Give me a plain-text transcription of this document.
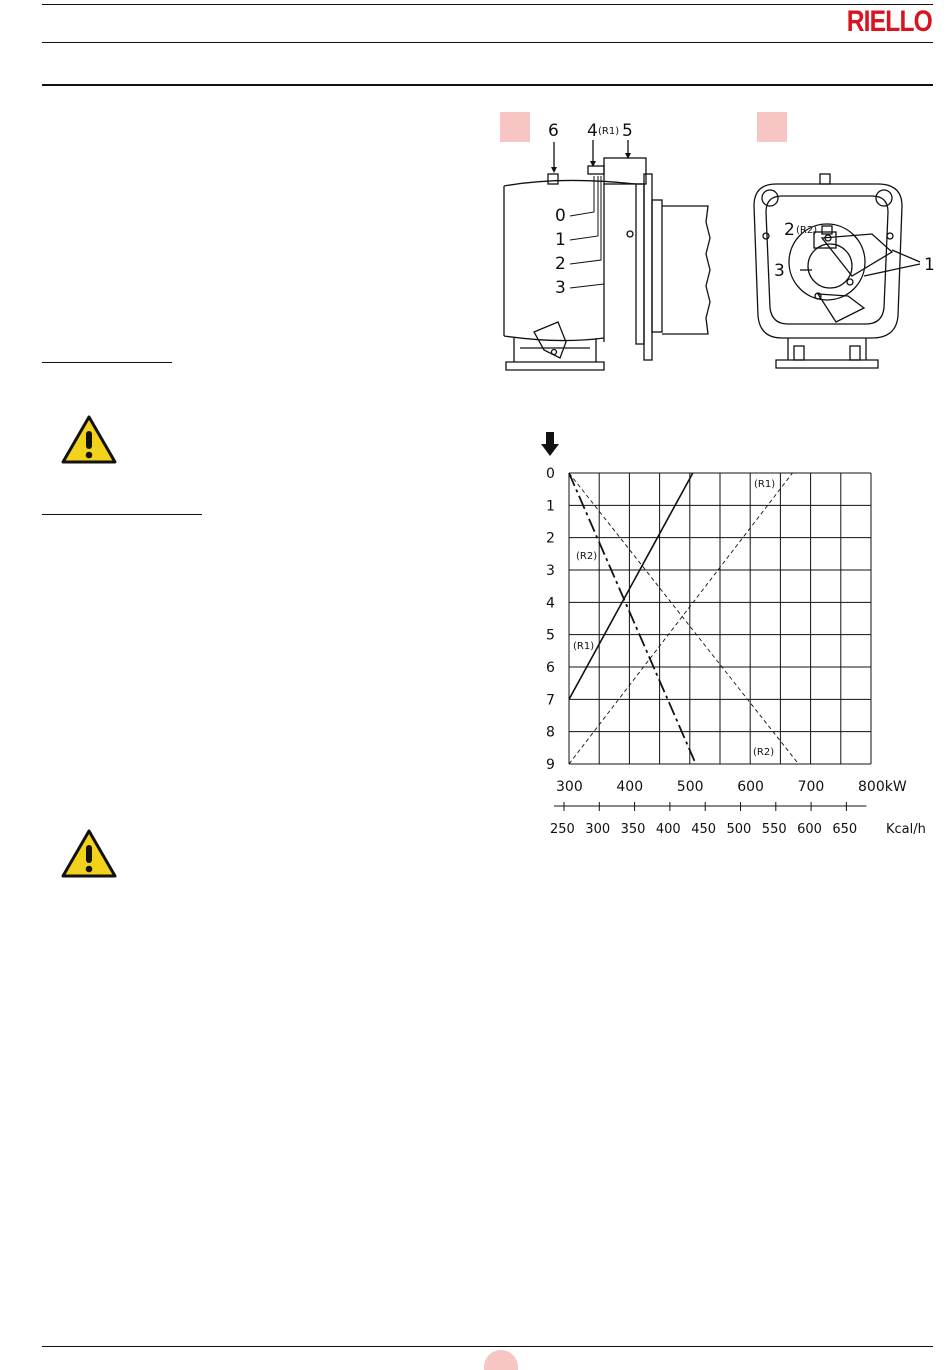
RIELLO
6 4 (R1) 5
0
1
2
3
2 (R2)
3	1
0
1
2
3
4
5
6
7
8
9
300 400 500 600 700 800kW
250 300 350 400 450 500 550 600 650 Kcal/h
(R1)
(R1)
(R2)
(R2)
